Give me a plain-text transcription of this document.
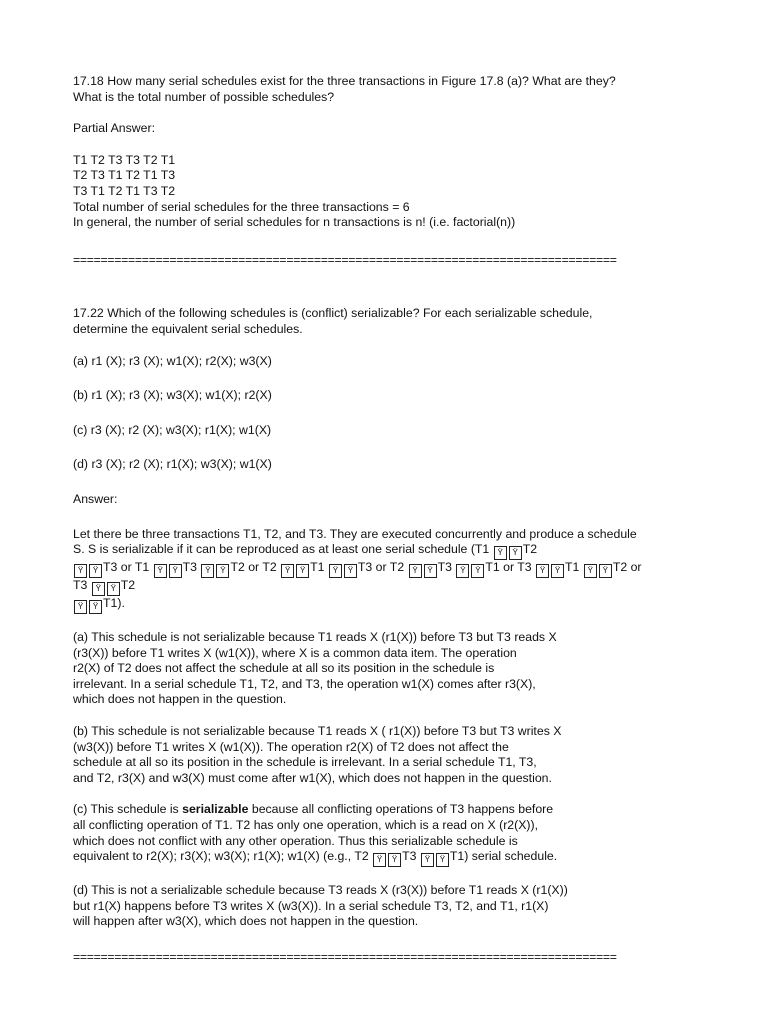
17.18 How many serial schedules exist for the three transactions in Figure 17.8 (a)? What are they?
What is the total number of possible schedules?
Partial Answer:
T1 T2 T3 T3 T2 T1
T2 T3 T1 T2 T1 T3
T3 T1 T2 T1 T3 T2
Total number of serial schedules for the three transactions = 6
In general, the number of serial schedules for n transactions is n! (i.e. factorial(n))
===============================================================================
17.22 Which of the following schedules is (conflict) serializable? For each serializable schedule,
determine the equivalent serial schedules.
(a) r1 (X); r3 (X); w1(X); r2(X); w3(X)
(b) r1 (X); r3 (X); w3(X); w1(X); r2(X)
(c) r3 (X); r2 (X); w3(X); r1(X); w1(X)
(d) r3 (X); r2 (X); r1(X); w3(X); w1(X)
Answer:
Let there be three transactions T1, T2, and T3. They are executed concurrently and produce a schedule
S. S is serializable if it can be reproduced as at least one serial schedule (T1 Ÿ Ÿ T2
Ÿ Ÿ T3 or T1 Ÿ Ÿ T3 Ÿ Ÿ T2 or T2 Ÿ Ÿ T1 Ÿ Ÿ T3 or T2 Ÿ Ÿ T3 Ÿ Ÿ T1 or T3 Ÿ Ÿ T1 Ÿ Ÿ T2 or
T3 Ÿ Ÿ T2
Ÿ Ÿ T1).
(a) This schedule is not serializable because T1 reads X (r1(X)) before T3 but T3 reads X
(r3(X)) before T1 writes X (w1(X)), where X is a common data item. The operation
r2(X) of T2 does not affect the schedule at all so its position in the schedule is
irrelevant. In a serial schedule T1, T2, and T3, the operation w1(X) comes after r3(X),
which does not happen in the question.
(b) This schedule is not serializable because T1 reads X ( r1(X)) before T3 but T3 writes X
(w3(X)) before T1 writes X (w1(X)). The operation r2(X) of T2 does not affect the
schedule at all so its position in the schedule is irrelevant. In a serial schedule T1, T3,
and T2, r3(X) and w3(X) must come after w1(X), which does not happen in the question.
(c) This schedule is serializable because all conflicting operations of T3 happens before
all conflicting operation of T1. T2 has only one operation, which is a read on X (r2(X)),
which does not conflict with any other operation. Thus this serializable schedule is
equivalent to r2(X); r3(X); w3(X); r1(X); w1(X) (e.g., T2 Ÿ Ÿ T3 Ÿ Ÿ T1) serial schedule.
(d) This is not a serializable schedule because T3 reads X (r3(X)) before T1 reads X (r1(X))
but r1(X) happens before T3 writes X (w3(X)). In a serial schedule T3, T2, and T1, r1(X)
will happen after w3(X), which does not happen in the question.
===============================================================================
